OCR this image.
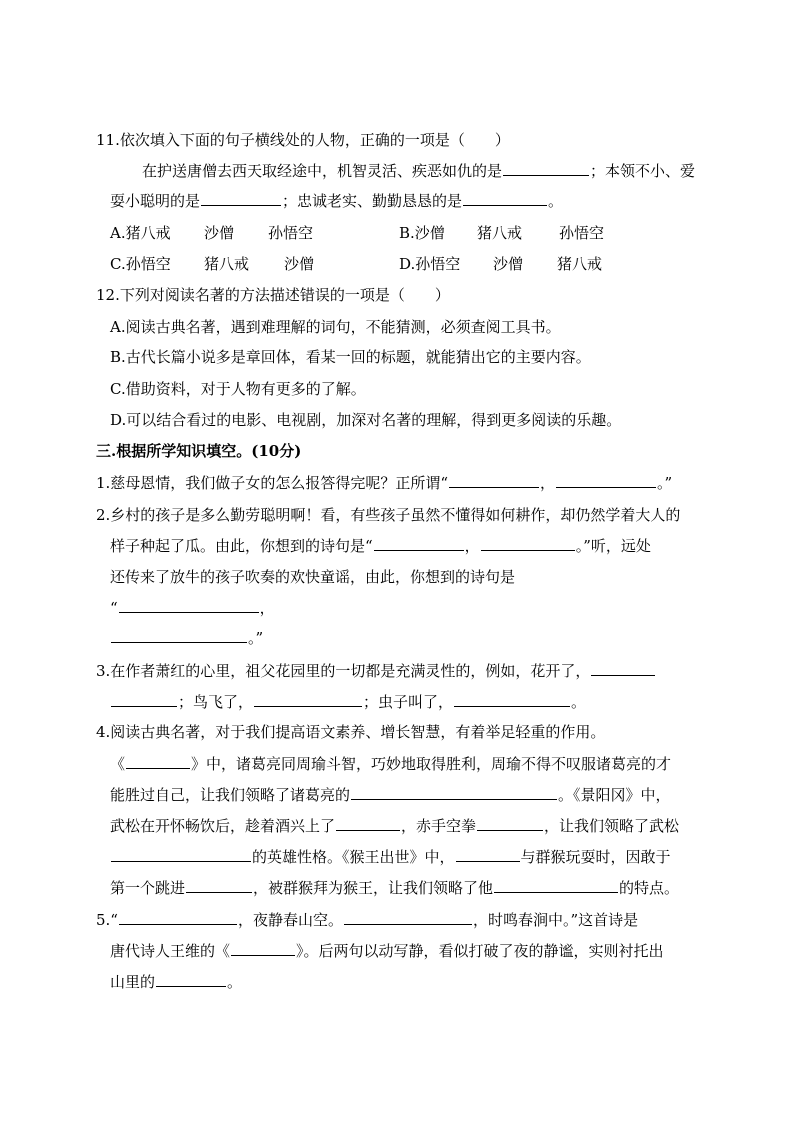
11.依次填入下面的句子横线处的人物，正确的一项是（　　）
在护送唐僧去西天取经途中，机智灵活、疾恶如仇的是	；本领不小、爱
耍小聪明的是	；忠诚老实、勤勤恳恳的是	。
A.猪八戒 沙僧 孙悟空	B.沙僧 猪八戒 孙悟空
C.孙悟空 猪八戒 沙僧	D.孙悟空 沙僧 猪八戒
12.下列对阅读名著的方法描述错误的一项是（　　）
A.阅读古典名著，遇到难理解的词句，不能猜测，必须查阅工具书。
B.古代长篇小说多是章回体，看某一回的标题，就能猜出它的主要内容。
C.借助资料，对于人物有更多的了解。
D.可以结合看过的电影、电视剧，加深对名著的理解，得到更多阅读的乐趣。
三.根据所学知识填空。(10分)
1.慈母恩情，我们做子女的怎么报答得完呢？正所谓“	，	。”
2.乡村的孩子是多么勤劳聪明啊！看，有些孩子虽然不懂得如何耕作，却仍然学着大人的
样子种起了瓜。由此，你想到的诗句是“	，	。”听，远处
还传来了放牛的孩子吹奏的欢快童谣，由此，你想到的诗句是
“	，
。”
3.在作者萧红的心里，祖父花园里的一切都是充满灵性的，例如，花开了，
；鸟飞了，	；虫子叫了，	。
4.阅读古典名著，对于我们提高语文素养、增长智慧，有着举足轻重的作用。
《	》中，诸葛亮同周瑜斗智，巧妙地取得胜利，周瑜不得不叹服诸葛亮的才
能胜过自己，让我们领略了诸葛亮的	。《景阳冈》中，
武松在开怀畅饮后，趁着酒兴上了	，赤手空拳	，让我们领略了武松
的英雄性格。《猴王出世》中，	与群猴玩耍时，因敢于
第一个跳进	，被群猴拜为猴王，让我们领略了他	的特点。
5.“	，夜静春山空。	，时鸣春涧中。”这首诗是
唐代诗人王维的《	》。后两句以动写静，看似打破了夜的静谧，实则衬托出
山里的	。
